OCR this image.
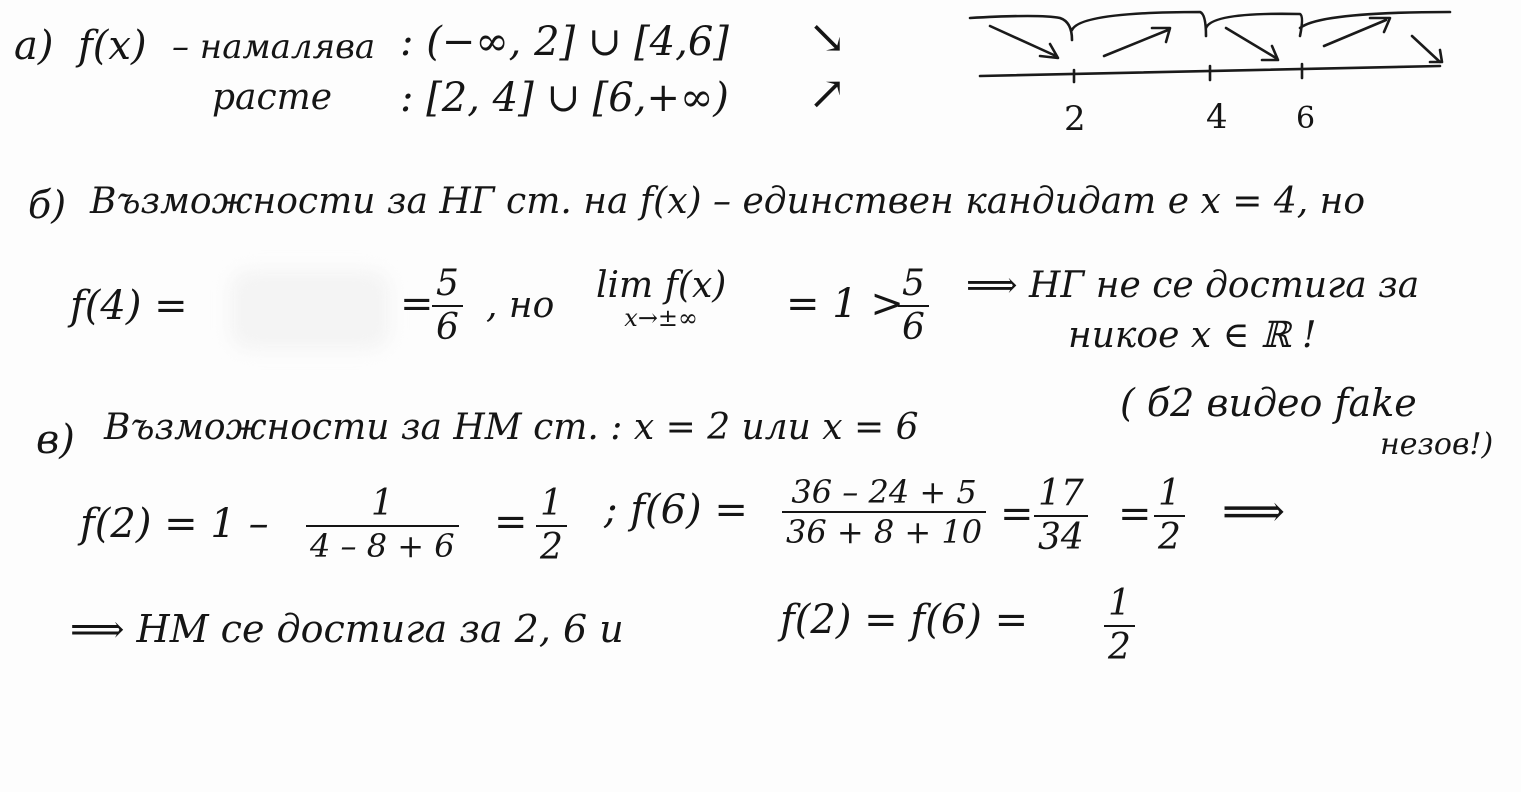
а) f(x) – намалява : (−∞, 2] ∪ [4,6] ↘
расте : [2, 4] ∪ [6,+∞) ↗	2	4 6
б) Възможности за НГ ст. на f(x) – единствен кандидат е x = 4, но
f(4) =	=
$\frac{5}{6}$ , но lim f(x)
x→±∞ = 1 >
$\frac{5}{6}$ ⟹ НГ не се достига за
никое x ∈ ℝ !
в) Възможности за НМ ст. : x = 2 или x = 6
( б2 видео fake
незов!)
$f(2) = 1 - \frac{1}{4 - 8 + 6} = \frac{1}{2}$ ; $f(6) = \frac{36 - 24 + 5}{36 + 8 + 10} = \frac{17}{34} = \frac{1}{2}$ ⟹
⟹ НМ се достига за 2, 6 и	$f(2) = f(6) = \frac{1}{2}$
